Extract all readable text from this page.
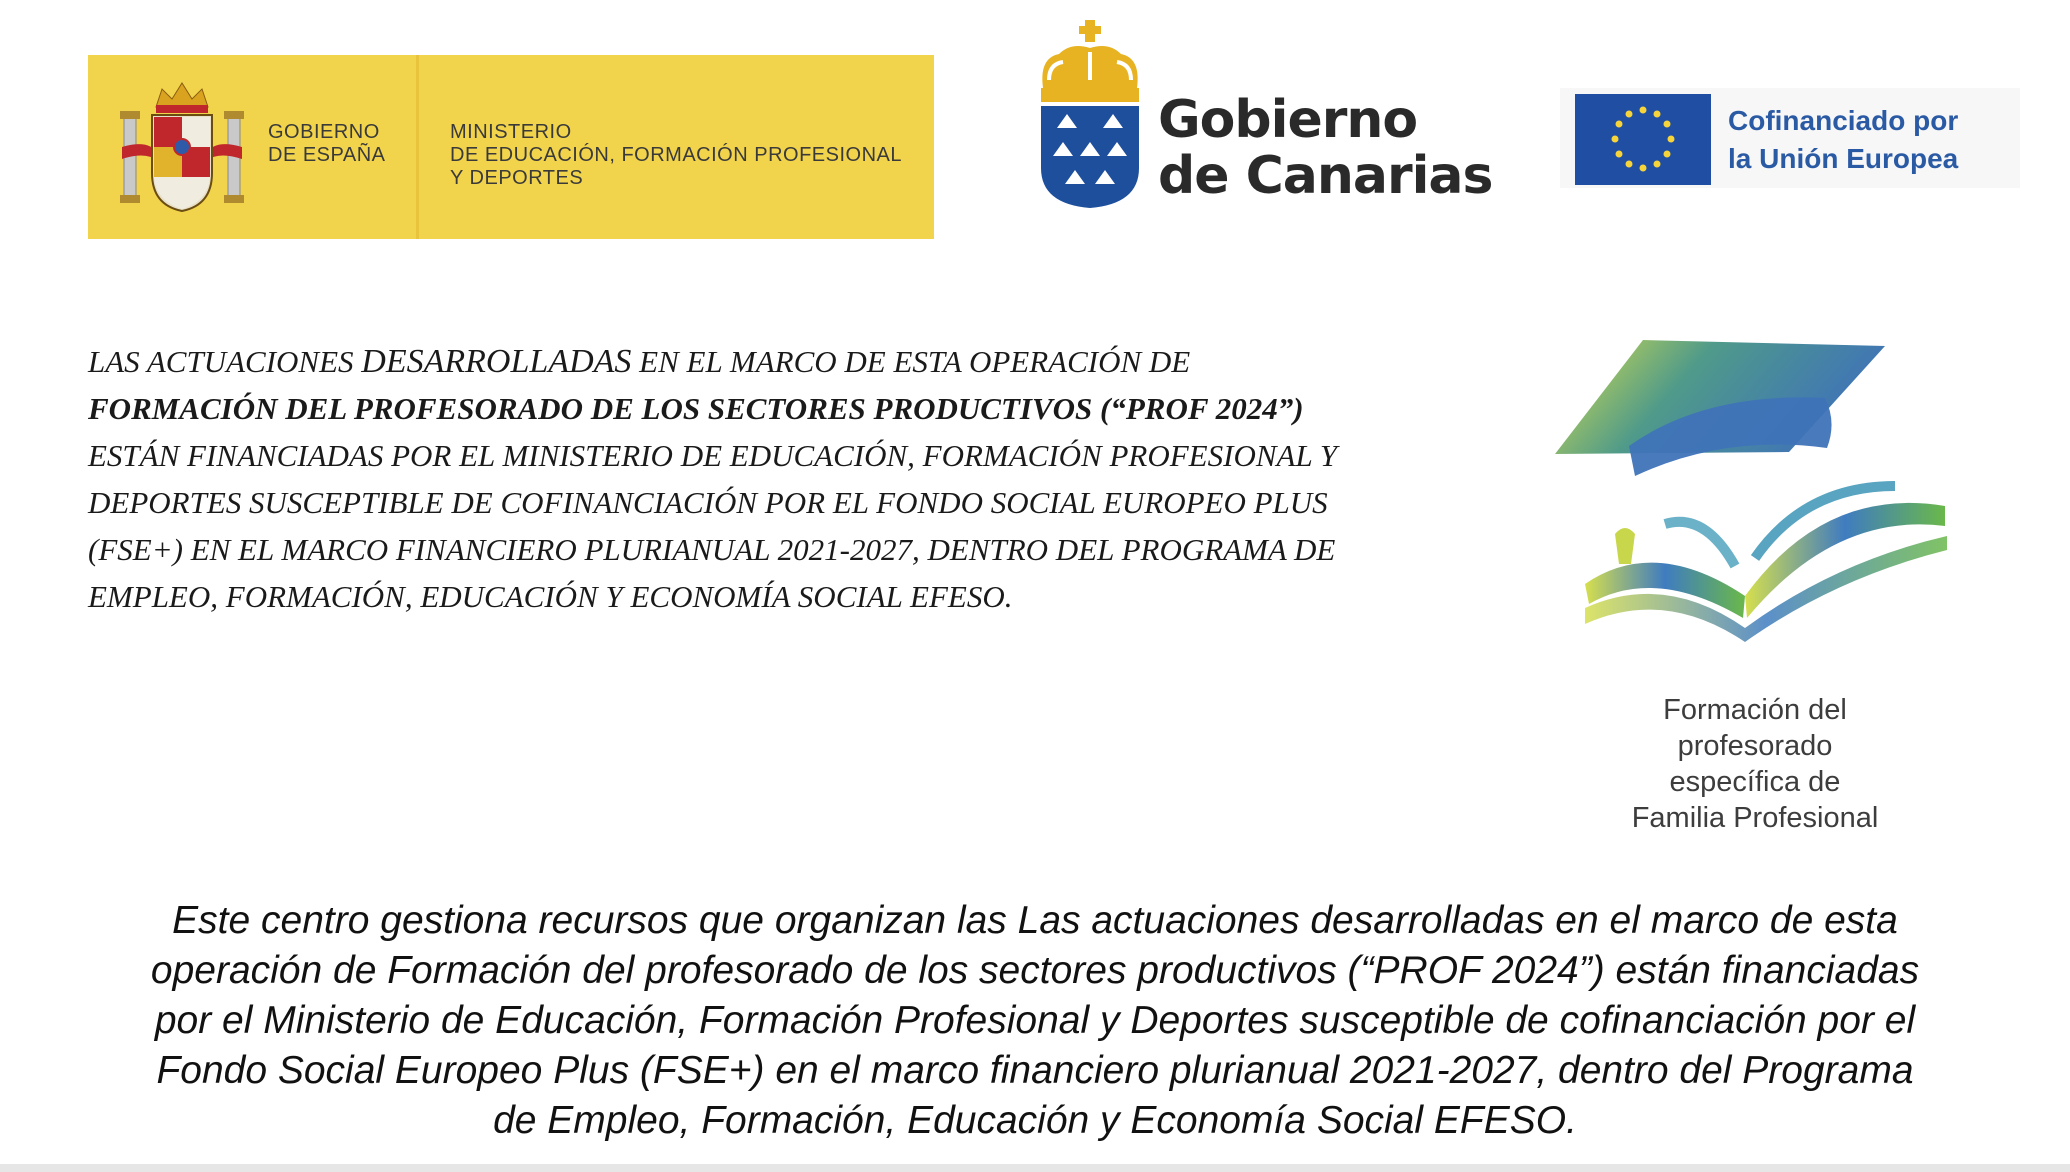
GOBIERNO
DE ESPAÑA
MINISTERIO
DE EDUCACIÓN, FORMACIÓN PROFESIONAL
Y DEPORTES
Gobierno
de Canarias
Cofinanciado por
la Unión Europea
LAS ACTUACIONES DESARROLLADAS EN EL MARCO DE ESTA OPERACIÓN DE
FORMACIÓN DEL PROFESORADO DE LOS SECTORES PRODUCTIVOS (“PROF 2024”)
ESTÁN FINANCIADAS POR EL MINISTERIO DE EDUCACIÓN, FORMACIÓN PROFESIONAL Y
DEPORTES SUSCEPTIBLE DE COFINANCIACIÓN POR EL FONDO SOCIAL EUROPEO PLUS
(FSE+) EN EL MARCO FINANCIERO PLURIANUAL 2021-2027, DENTRO DEL PROGRAMA DE
EMPLEO, FORMACIÓN, EDUCACIÓN Y ECONOMÍA SOCIAL EFESO.
Formación del
profesorado
específica de
Familia Profesional
Este centro gestiona recursos que organizan las Las actuaciones desarrolladas en el marco de esta
operación de Formación del profesorado de los sectores productivos (“PROF 2024”) están financiadas
por el Ministerio de Educación, Formación Profesional y Deportes susceptible de cofinanciación por el
Fondo Social Europeo Plus (FSE+) en el marco financiero plurianual 2021-2027, dentro del Programa
de Empleo, Formación, Educación y Economía Social EFESO.
